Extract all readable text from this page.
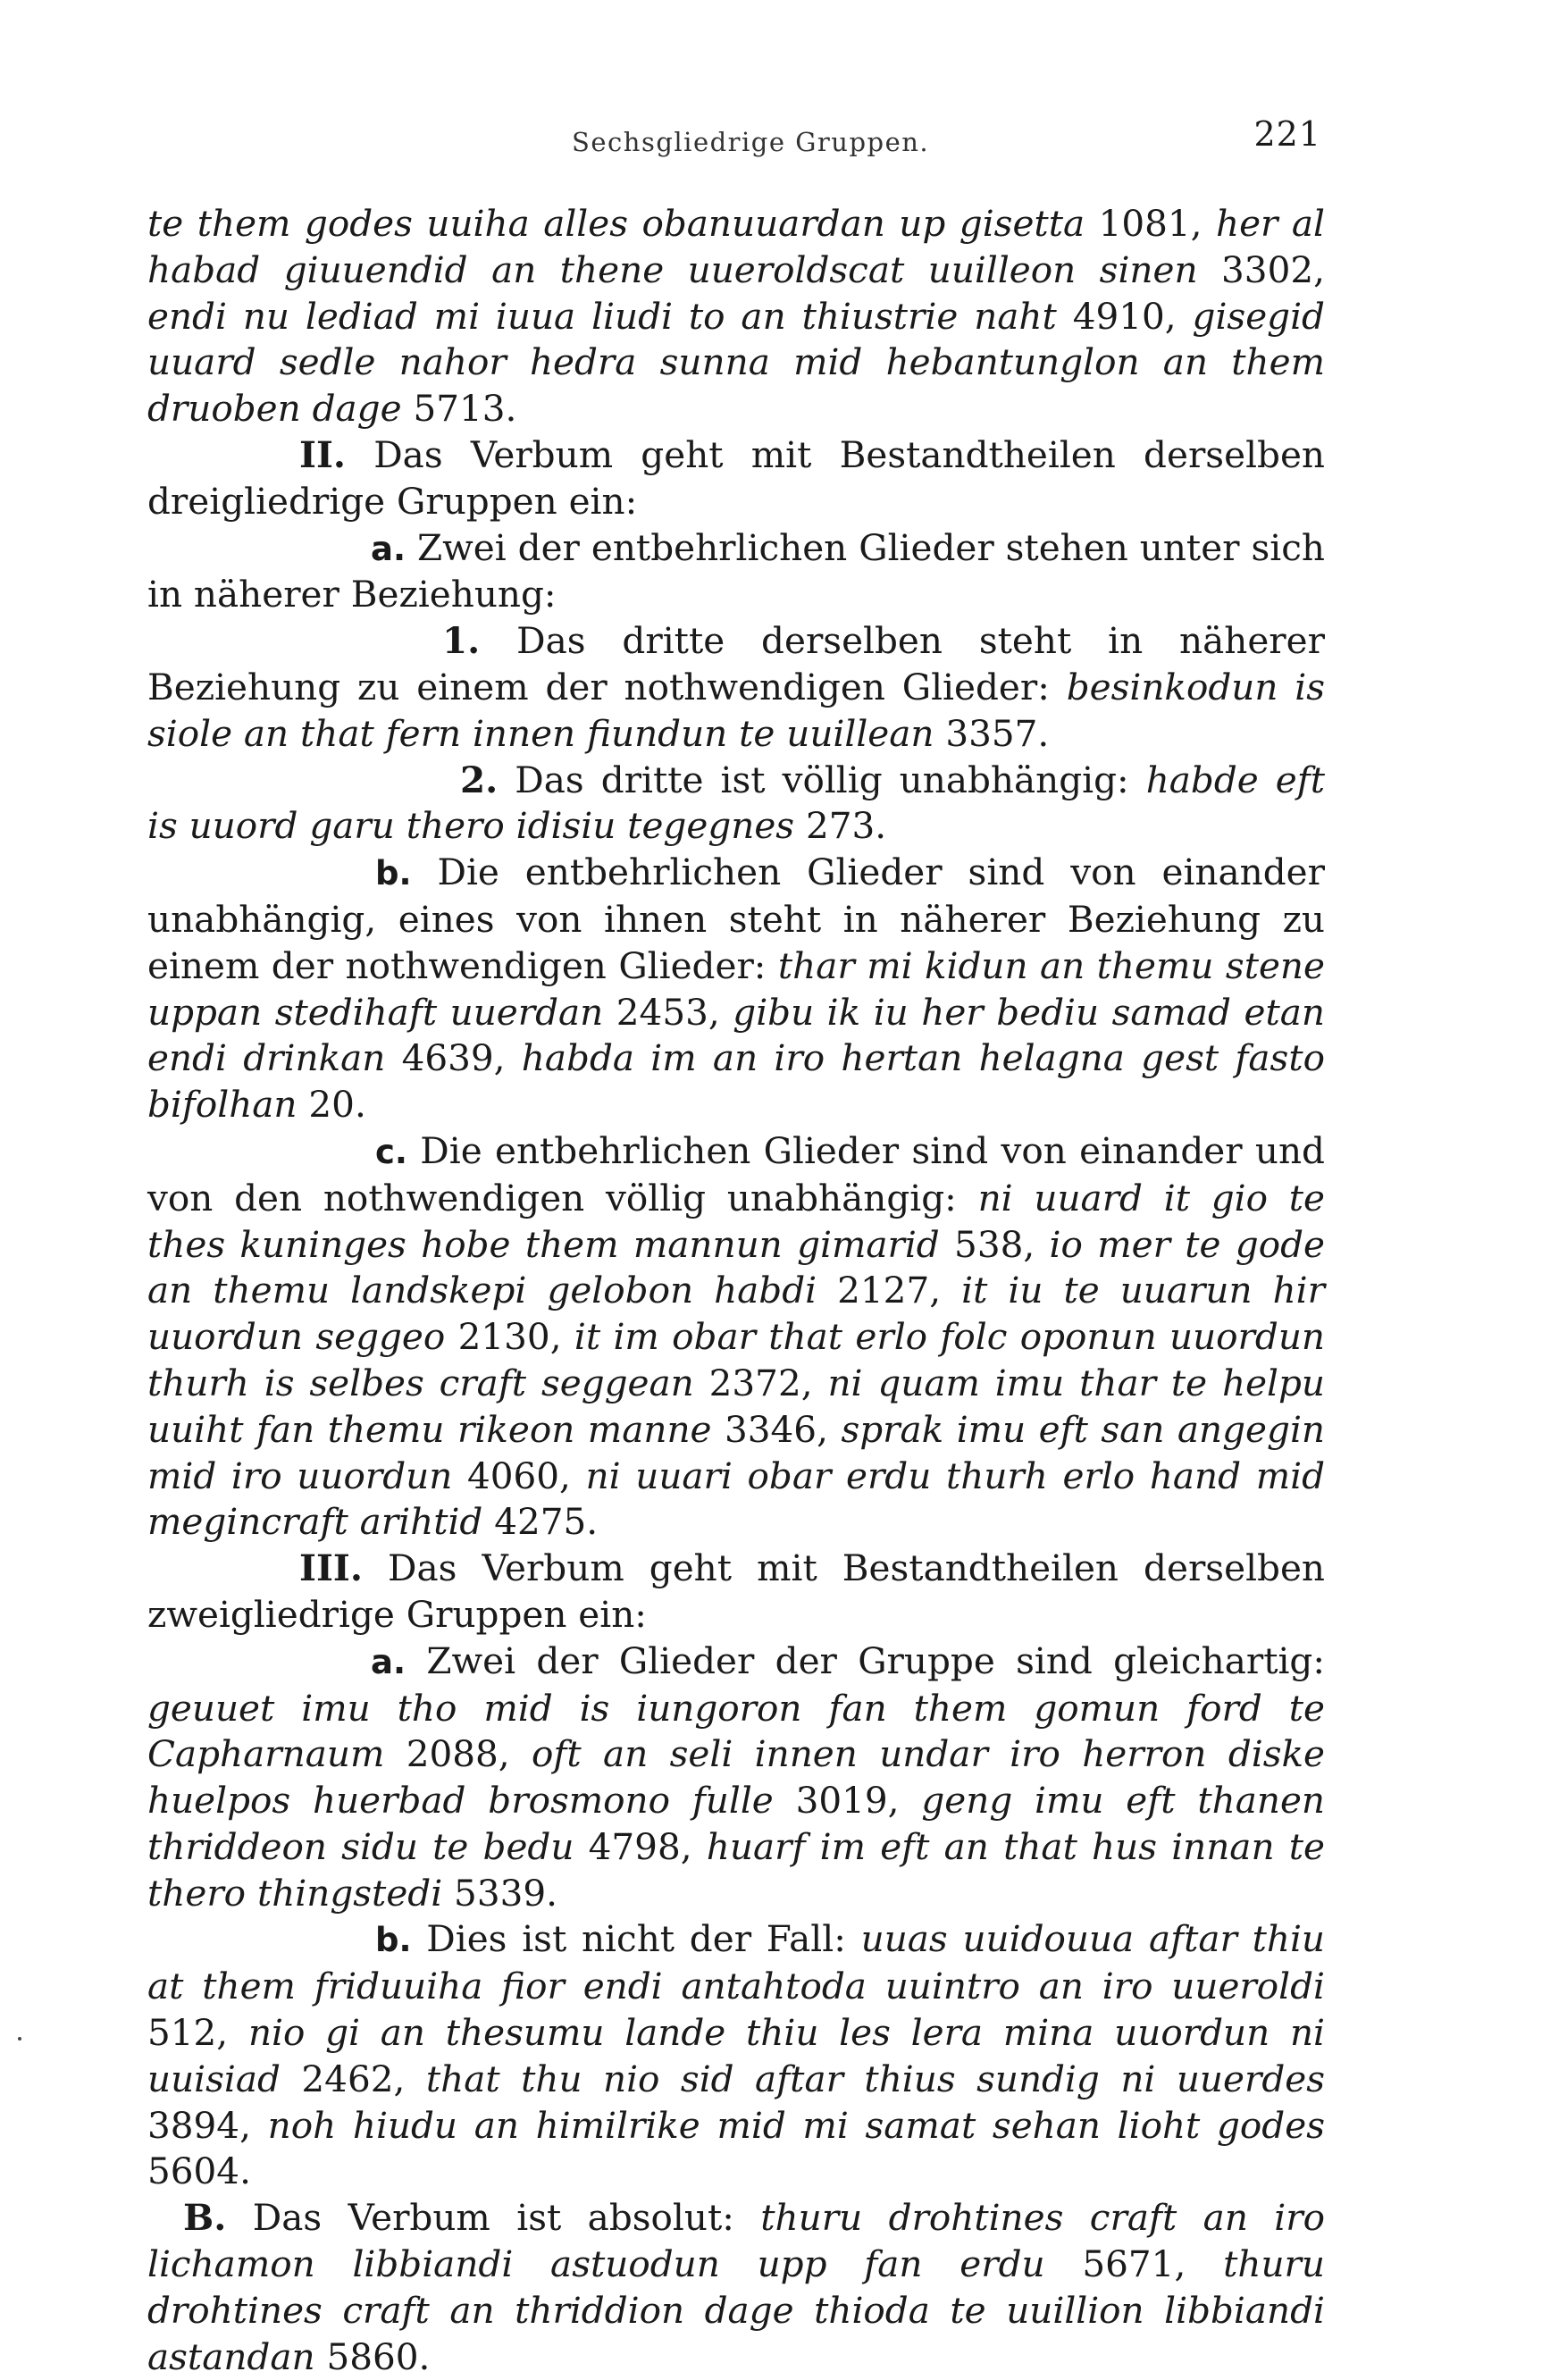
Sechsgliedrige Gruppen.	221

te them godes uuiha alles obanuuardan up gisetta 1081, her al habad giuuendid an thene uueroldscat uuilleon sinen 3302, endi nu lediad mi iuua liudi to an thiustrie naht 4910, gisegid uuard sedle nahor hedra sunna mid hebantunglon an them druoben dage 5713.

II. Das Verbum geht mit Bestandtheilen derselben dreigliedrige Gruppen ein:

a. Zwei der entbehrlichen Glieder stehen unter sich in näherer Beziehung:

1. Das dritte derselben steht in näherer Beziehung zu einem der nothwendigen Glieder: besinkodun is siole an that fern innen fiundun te uuillean 3357.

2. Das dritte ist völlig unabhängig: habde eft is uuord garu thero idisiu tegegnes 273.

b. Die entbehrlichen Glieder sind von einander unabhängig, eines von ihnen steht in näherer Beziehung zu einem der nothwendigen Glieder: thar mi kidun an themu stene uppan stedihaft uuerdan 2453, gibu ik iu her bediu samad etan endi drinkan 4639, habda im an iro hertan helagna gest fasto bifolhan 20.

c. Die entbehrlichen Glieder sind von einander und von den nothwendigen völlig unabhängig: ni uuard it gio te thes kuninges hobe them mannun gimarid 538, io mer te gode an themu landskepi gelobon habdi 2127, it iu te uuarun hir uuordun seggeo 2130, it im obar that erlo folc oponun uuordun thurh is selbes craft seggean 2372, ni quam imu thar te helpu uuiht fan themu rikeon manne 3346, sprak imu eft san angegin mid iro uuordun 4060, ni uuari obar erdu thurh erlo hand mid megincraft arihtid 4275.

III. Das Verbum geht mit Bestandtheilen derselben zweigliedrige Gruppen ein:

a. Zwei der Glieder der Gruppe sind gleichartig: geuuet imu tho mid is iungoron fan them gomun ford te Capharnaum 2088, oft an seli innen undar iro herron diske huelpos huerbad brosmono fulle 3019, geng imu eft thanen thriddeon sidu te bedu 4798, huarf im eft an that hus innan te thero thingstedi 5339.

b. Dies ist nicht der Fall: uuas uuidouua aftar thiu at them friduuiha fior endi antahtoda uuintro an iro uueroldi 512, nio gi an thesumu lande thiu les lera mina uuordun ni uuisiad 2462, that thu nio sid aftar thius sundig ni uuerdes 3894, noh hiudu an himilrike mid mi samat sehan lioht godes 5604.

B. Das Verbum ist absolut: thuru drohtines craft an iro lichamon libbiandi astuodun upp fan erdu 5671, thuru drohtines craft an thriddion dage thioda te uuillion libbiandi astandan 5860.
